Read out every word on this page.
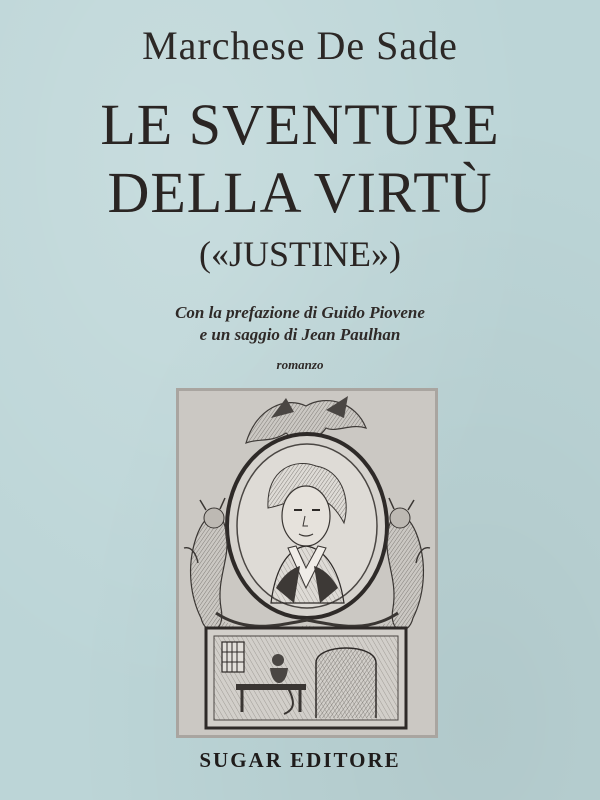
Marchese De Sade
LE SVENTURE
DELLA VIRTÙ
(«JUSTINE»)
Con la prefazione di Guido Piovene
e un saggio di Jean Paulhan
romanzo
SUGAR EDITORE
